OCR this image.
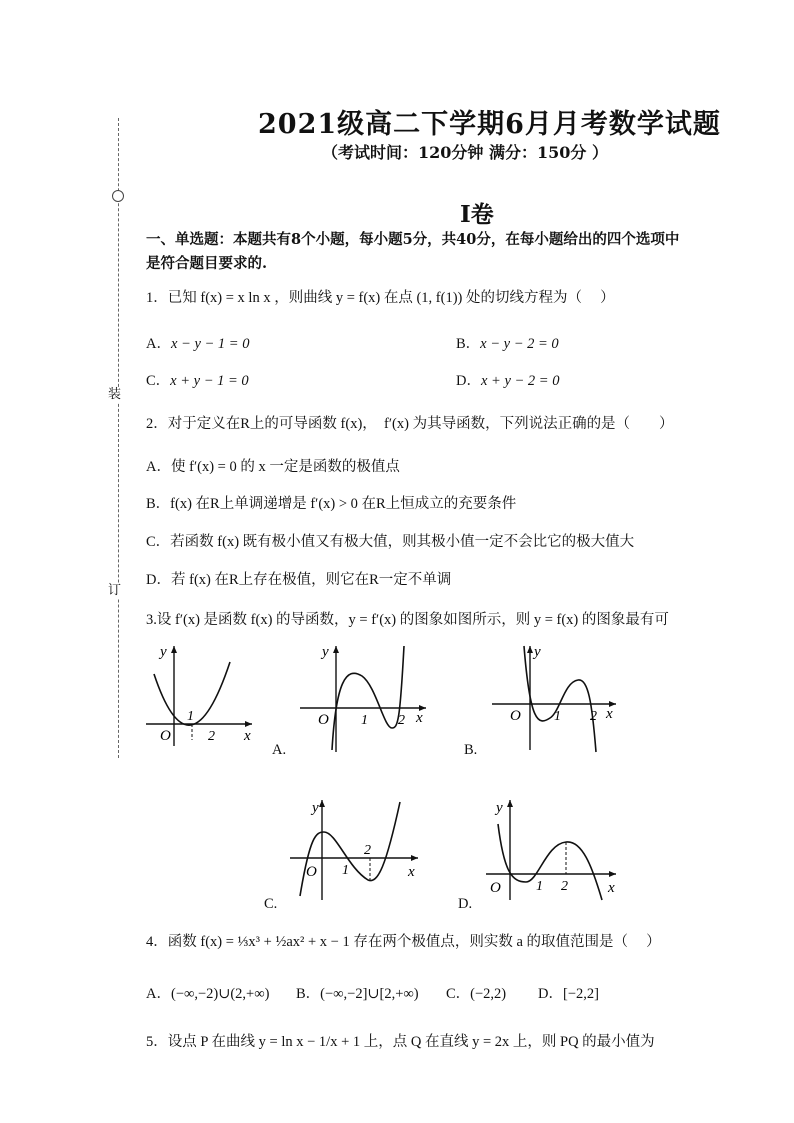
装
订
2021级高二下学期6月月考数学试题
（考试时间：120分钟 满分：150分 ）
I卷
一、单选题：本题共有8个小题，每小题5分，共40分，在每小题给出的四个选项中
是符合题目要求的.
1．已知 f(x) = x ln x ，则曲线 y = f(x) 在点 (1, f(1)) 处的切线方程为（　 ）
A．x − y − 1 = 0	B．x − y − 2 = 0
C．x + y − 1 = 0	D．x + y − 2 = 0
2．对于定义在R上的可导函数 f(x)，　f′(x) 为其导函数，下列说法正确的是（　　）
A．使 f′(x) = 0 的 x 一定是函数的极值点
B．f(x) 在R上单调递增是 f′(x) > 0 在R上恒成立的充要条件
C．若函数 f(x) 既有极小值又有极大值，则其极小值一定不会比它的极大值大
D．若 f(x) 在R上存在极值，则它在R一定不单调
3.设 f′(x) 是函数 f(x) 的导函数，y = f′(x) 的图象如图所示，则 y = f(x) 的图象最有可
y
x
O
1
2
y
x
O 1 2
A.
y
x
O 1 2
B.
y
x
O 1
2
C.
y
x
O	1 2
D.
4．函数 f(x) = ⅓x³ + ½ax² + x − 1 存在两个极值点，则实数 a 的取值范围是（　 ）
A．(−∞,−2)∪(2,+∞) B．(−∞,−2]∪[2,+∞) C．(−2,2) D．[−2,2]
5．设点 P 在曲线 y = ln x − 1/x + 1 上，点 Q 在直线 y = 2x 上，则 PQ 的最小值为
